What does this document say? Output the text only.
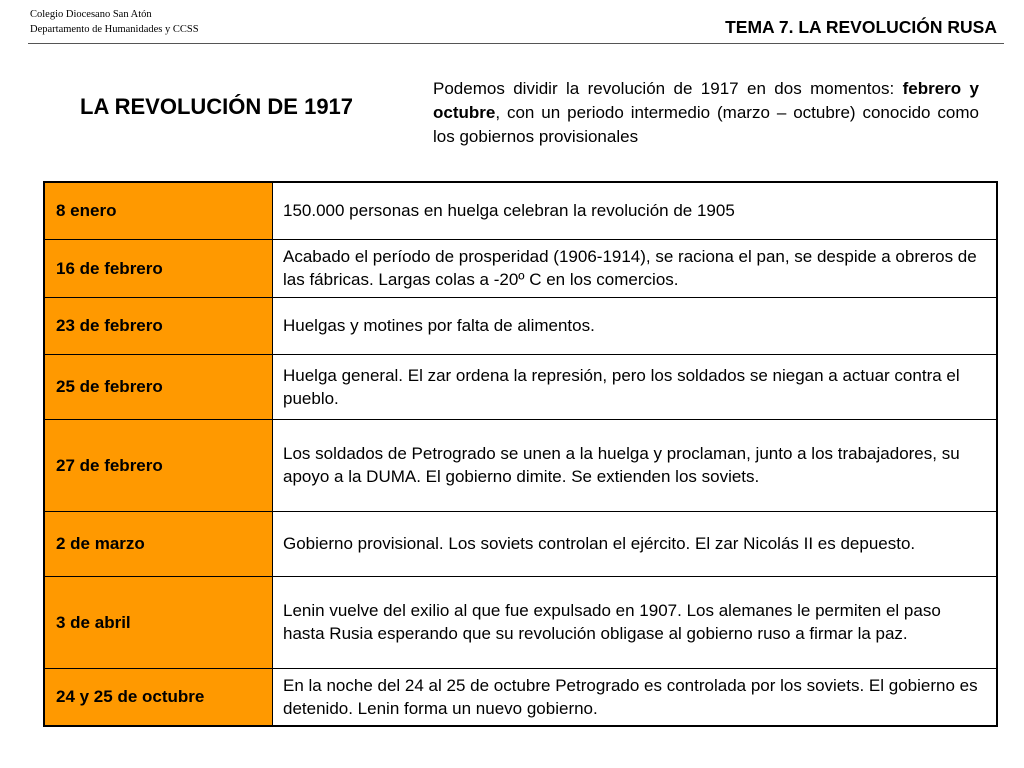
Colegio Diocesano San Atón
Departamento de Humanidades y CCSS	TEMA 7. LA REVOLUCIÓN RUSA
LA REVOLUCIÓN DE 1917
Podemos dividir la revolución de 1917 en dos momentos: febrero y octubre, con un periodo intermedio (marzo – octubre) conocido como los gobiernos provisionales
8 enero	150.000 personas en huelga celebran la revolución de 1905
16 de febrero	Acabado el período de prosperidad (1906-1914), se raciona el pan, se despide a obreros de las fábricas. Largas colas a -20º C en los comercios.
23 de febrero	Huelgas y motines por falta de alimentos.
25 de febrero	Huelga general. El zar ordena la represión, pero los soldados se niegan a actuar contra el pueblo.
27 de febrero	Los soldados de Petrogrado se unen a la huelga y proclaman, junto a los trabajadores, su apoyo a la DUMA. El gobierno dimite. Se extienden los soviets.
2 de marzo	Gobierno provisional. Los soviets controlan el ejército. El zar Nicolás II es depuesto.
3 de abril	Lenin vuelve del exilio al que fue expulsado en 1907. Los alemanes le permiten el paso hasta Rusia esperando que su revolución obligase al gobierno ruso a firmar la paz.
24 y 25 de octubre	En la noche del 24 al 25 de octubre Petrogrado es controlada por los soviets. El gobierno es detenido. Lenin forma un nuevo gobierno.
